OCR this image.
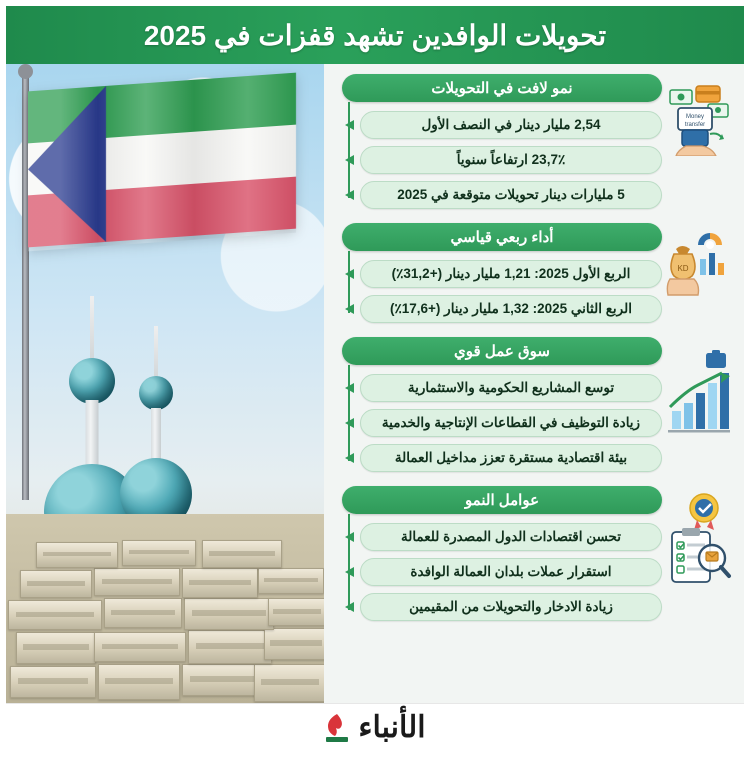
تحويلات الوافدين تشهد قفزات في 2025
نمو لافت في التحويلات
2,54 مليار دينار في النصف الأول
23,7٪ ارتفاعاً سنوياً
5 مليارات دينار تحويلات متوقعة في 2025
Money
transfer
أداء ربعي قياسي
الربع الأول 2025: 1,21 مليار دينار (+31,2٪)
الربع الثاني 2025: 1,32 مليار دينار (+17,6٪)
KD
سوق عمل قوي
توسع المشاريع الحكومية والاستثمارية
زيادة التوظيف في القطاعات الإنتاجية والخدمية
بيئة اقتصادية مستقرة تعزز مداخيل العمالة
عوامل النمو
تحسن اقتصادات الدول المصدرة للعمالة
استقرار عملات بلدان العمالة الوافدة
زيادة الادخار والتحويلات من المقيمين
الأنباء
